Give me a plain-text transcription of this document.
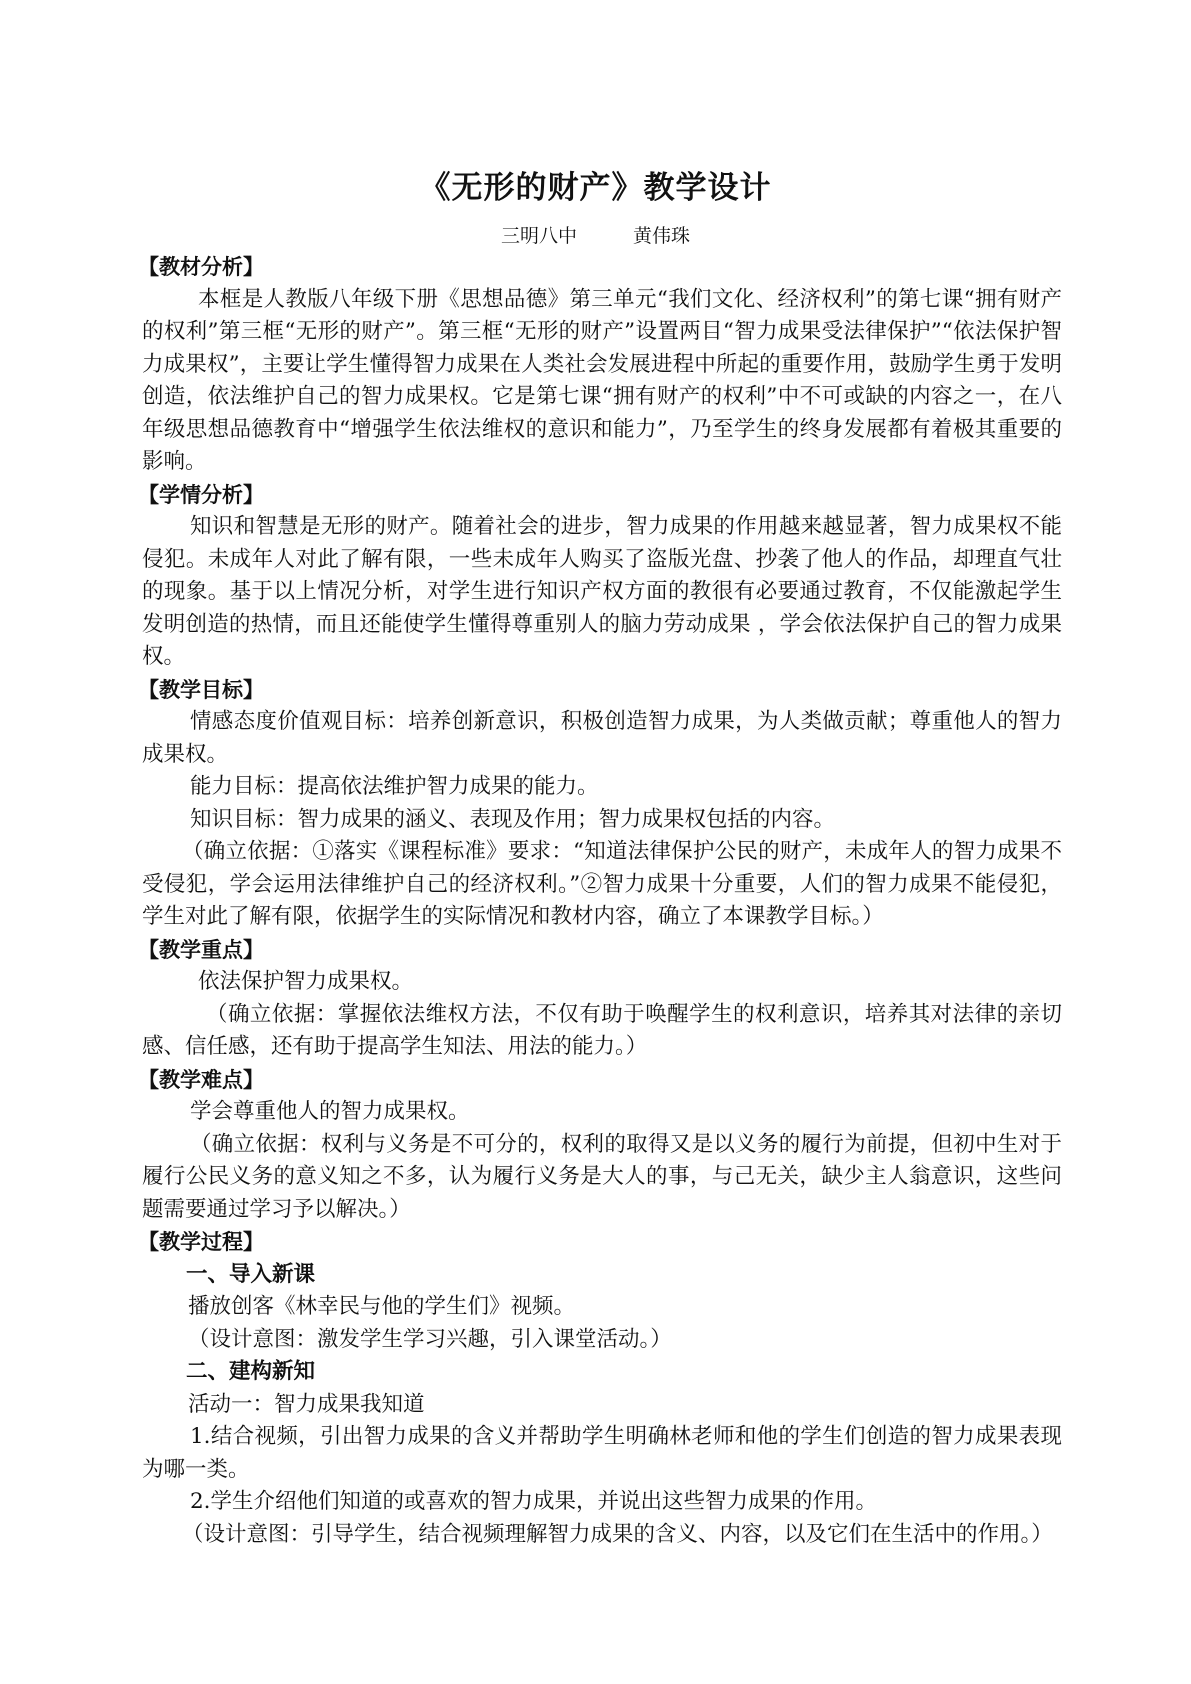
《无形的财产》教学设计
三明八中	黄伟珠
【教材分析】

本框是人教版八年级下册《思想品德》第三单元“我们文化、经济权利”的第七课“拥有财产的权利”第三框“无形的财产”。第三框“无形的财产”设置两目“智力成果受法律保护”“依法保护智力成果权”，主要让学生懂得智力成果在人类社会发展进程中所起的重要作用，鼓励学生勇于发明创造，依法维护自己的智力成果权。它是第七课“拥有财产的权利”中不可或缺的内容之一，在八年级思想品德教育中“增强学生依法维权的意识和能力”，乃至学生的终身发展都有着极其重要的影响。

【学情分析】

知识和智慧是无形的财产。随着社会的进步，智力成果的作用越来越显著，智力成果权不能侵犯。未成年人对此了解有限，一些未成年人购买了盗版光盘、抄袭了他人的作品，却理直气壮的现象。基于以上情况分析，对学生进行知识产权方面的教很有必要通过教育，不仅能激起学生发明创造的热情，而且还能使学生懂得尊重别人的脑力劳动成果 ，学会依法保护自己的智力成果权。

【教学目标】

情感态度价值观目标：培养创新意识，积极创造智力成果，为人类做贡献；尊重他人的智力成果权。

能力目标：提高依法维护智力成果的能力。

知识目标：智力成果的涵义、表现及作用；智力成果权包括的内容。

（确立依据：①落实《课程标准》要求：“知道法律保护公民的财产，未成年人的智力成果不受侵犯，学会运用法律维护自己的经济权利。”②智力成果十分重要，人们的智力成果不能侵犯，学生对此了解有限，依据学生的实际情况和教材内容，确立了本课教学目标。）

【教学重点】

依法保护智力成果权。

（确立依据：掌握依法维权方法，不仅有助于唤醒学生的权利意识，培养其对法律的亲切感、信任感，还有助于提高学生知法、用法的能力。）

【教学难点】

学会尊重他人的智力成果权。

（确立依据：权利与义务是不可分的，权利的取得又是以义务的履行为前提，但初中生对于履行公民义务的意义知之不多，认为履行义务是大人的事，与己无关，缺少主人翁意识，这些问题需要通过学习予以解决。）

【教学过程】
一、导入新课

播放创客《林幸民与他的学生们》视频。

（设计意图：激发学生学习兴趣，引入课堂活动。）

二、建构新知

活动一：智力成果我知道

1.结合视频，引出智力成果的含义并帮助学生明确林老师和他的学生们创造的智力成果表现为哪一类。

2.学生介绍他们知道的或喜欢的智力成果，并说出这些智力成果的作用。

（设计意图：引导学生，结合视频理解智力成果的含义、内容，以及它们在生活中的作用。）
